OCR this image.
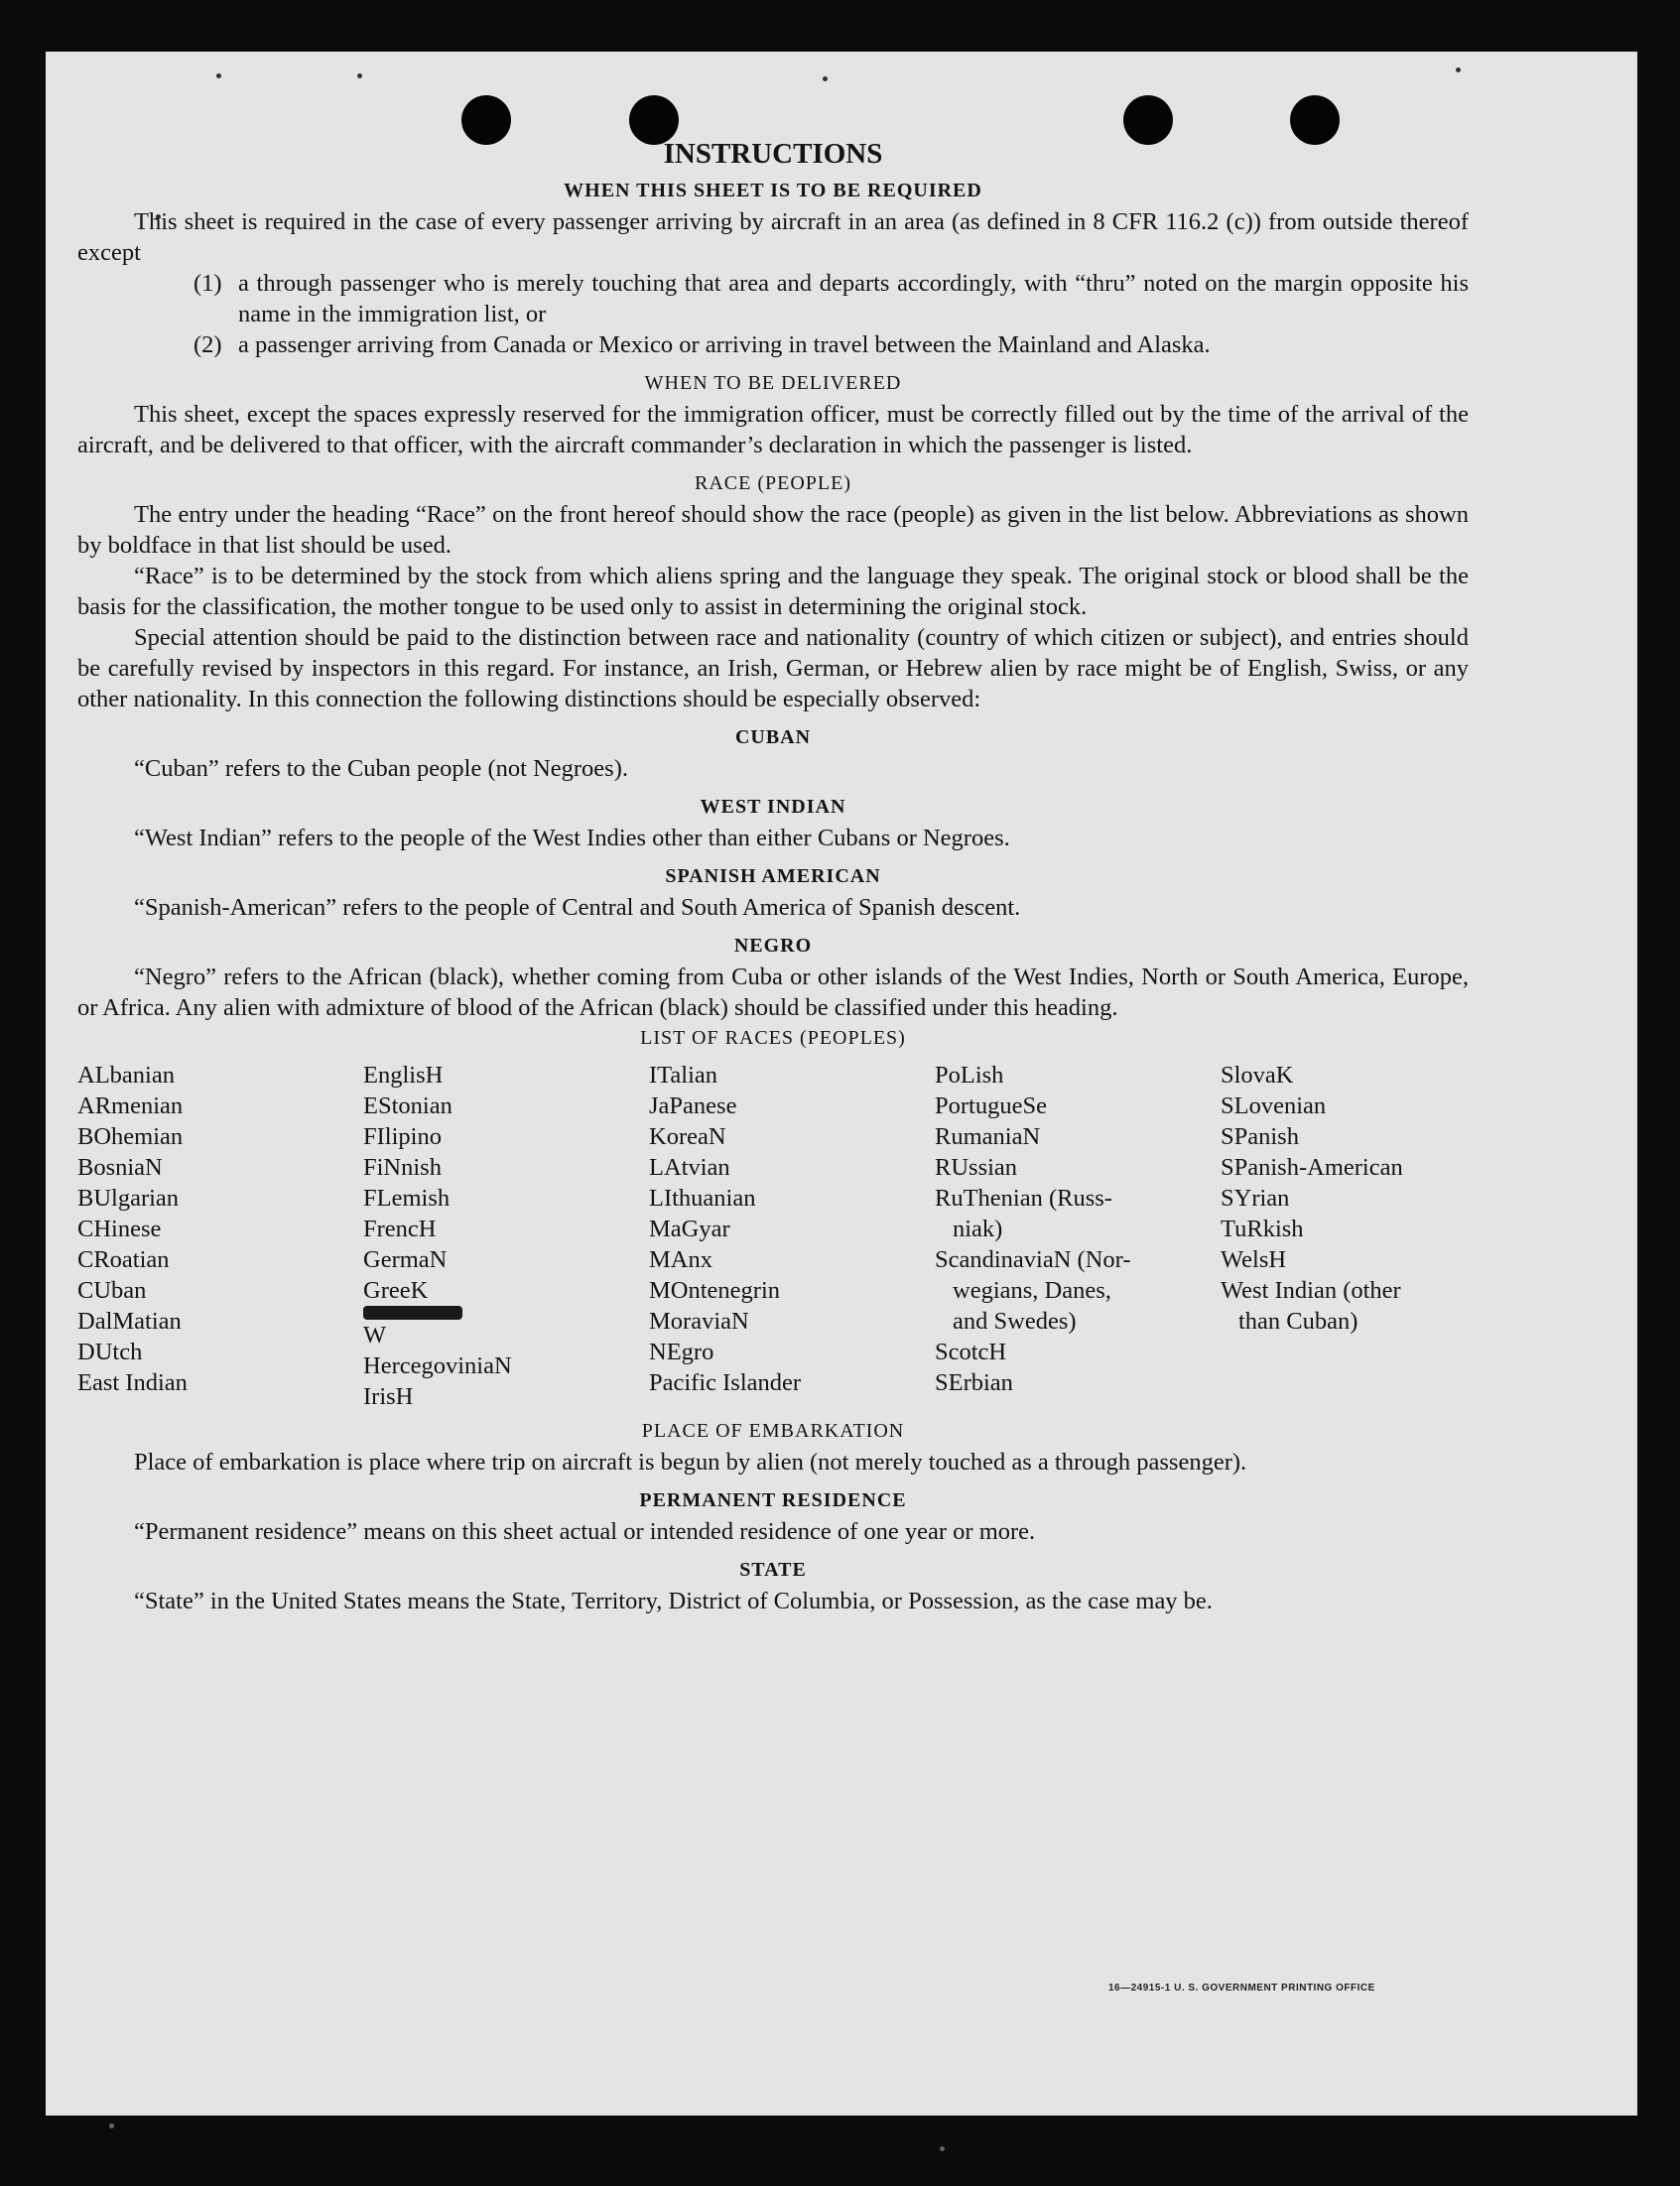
INSTRUCTIONS
WHEN THIS SHEET IS TO BE REQUIRED

This sheet is required in the case of every passenger arriving by aircraft in an area (as defined in 8 CFR 116.2 (c)) from outside thereof except

(1) a through passenger who is merely touching that area and departs accordingly, with “thru” noted on the margin opposite his name in the immigration list, or
(2) a passenger arriving from Canada or Mexico or arriving in travel between the Mainland and Alaska.
WHEN TO BE DELIVERED

This sheet, except the spaces expressly reserved for the immigration officer, must be correctly filled out by the time of the arrival of the aircraft, and be delivered to that officer, with the aircraft commander’s declaration in which the passenger is listed.

RACE (PEOPLE)

The entry under the heading “Race” on the front hereof should show the race (people) as given in the list below. Abbreviations as shown by boldface in that list should be used.

“Race” is to be determined by the stock from which aliens spring and the language they speak. The original stock or blood shall be the basis for the classification, the mother tongue to be used only to assist in determining the original stock.

Special attention should be paid to the distinction between race and nationality (country of which citizen or subject), and entries should be carefully revised by inspectors in this regard. For instance, an Irish, German, or Hebrew alien by race might be of English, Swiss, or any other nationality. In this connection the following distinctions should be especially observed:

CUBAN

“Cuban” refers to the Cuban people (not Negroes).

WEST INDIAN

“West Indian” refers to the people of the West Indies other than either Cubans or Negroes.

SPANISH AMERICAN

“Spanish-American” refers to the people of Central and South America of Spanish descent.

NEGRO

“Negro” refers to the African (black), whether coming from Cuba or other islands of the West Indies, North or South America, Europe, or Africa. Any alien with admixture of blood of the African (black) should be classified under this heading.

LIST OF RACES (PEOPLES)
ALbanian
ARmenian
BOhemian
BosniaN
BUlgarian
CHinese
CRoatian
CUban
DalMatian
DUtch
East Indian
EnglisH
EStonian
FIlipino
FiNnish
FLemish
FrencH
GermaN
GreeK
W
HercegoviniaN
IrisH
ITalian
JaPanese
KoreaN
LAtvian
LIthuanian
MaGyar
MAnx
MOntenegrin
MoraviaN
NEgro
Pacific Islander
PoLish
PortugueSe
RumaniaN
RUssian
RuThenian (Russ-
niak)
ScandinaviaN (Nor-
wegians, Danes,
and Swedes)
ScotcH
SErbian
SlovaK
SLovenian
SPanish
SPanish-American
SYrian
TuRkish
WelsH
West Indian (other
than Cuban)
PLACE OF EMBARKATION

Place of embarkation is place where trip on aircraft is begun by alien (not merely touched as a through passenger).

PERMANENT RESIDENCE

“Permanent residence” means on this sheet actual or intended residence of one year or more.

STATE

“State” in the United States means the State, Territory, District of Columbia, or Possession, as the case may be.

16—24915-1 U. S. GOVERNMENT PRINTING OFFICE
